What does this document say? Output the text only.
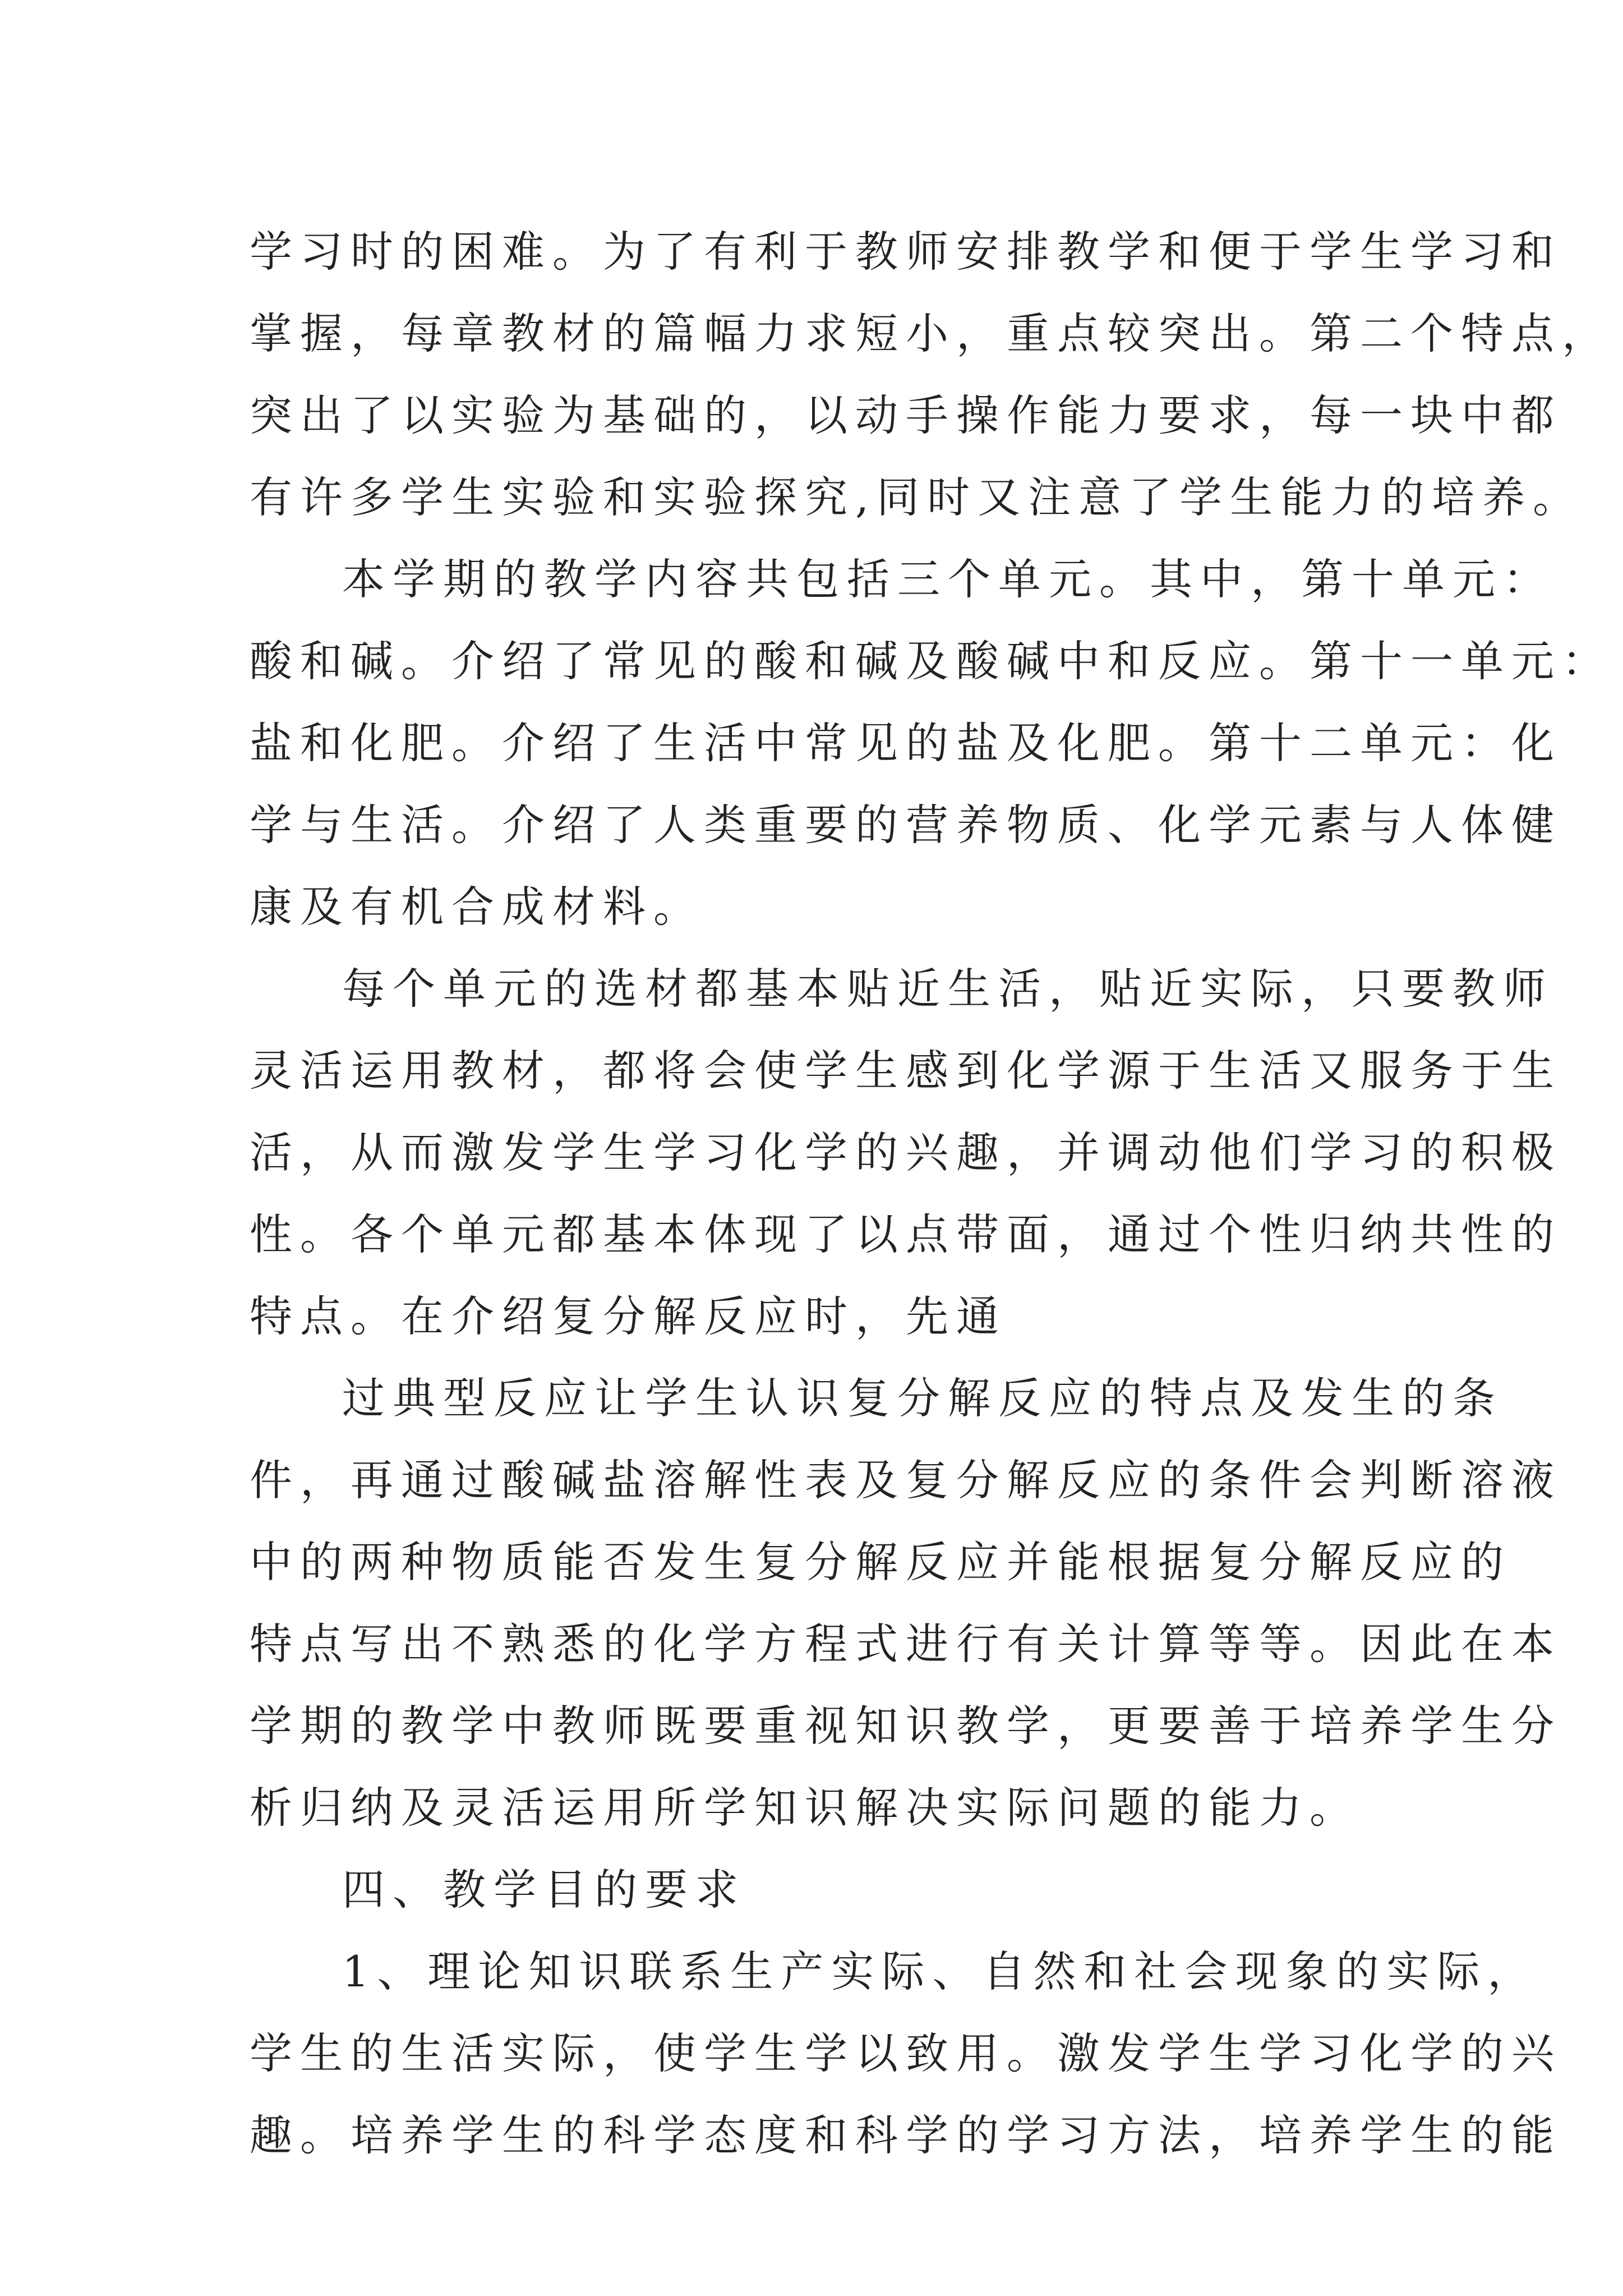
学习时的困难。为了有利于教师安排教学和便于学生学习和
掌握，每章教材的篇幅力求短小，重点较突出。第二个特点，
突出了以实验为基础的，以动手操作能力要求，每一块中都
有许多学生实验和实验探究,同时又注意了学生能力的培养。
本学期的教学内容共包括三个单元。其中，第十单元：
酸和碱。介绍了常见的酸和碱及酸碱中和反应。第十一单元：
盐和化肥。介绍了生活中常见的盐及化肥。第十二单元：化
学与生活。介绍了人类重要的营养物质、化学元素与人体健
康及有机合成材料。
每个单元的选材都基本贴近生活，贴近实际，只要教师
灵活运用教材，都将会使学生感到化学源于生活又服务于生
活，从而激发学生学习化学的兴趣，并调动他们学习的积极
性。各个单元都基本体现了以点带面，通过个性归纳共性的
特点。在介绍复分解反应时，先通
过典型反应让学生认识复分解反应的特点及发生的条
件，再通过酸碱盐溶解性表及复分解反应的条件会判断溶液
中的两种物质能否发生复分解反应并能根据复分解反应的
特点写出不熟悉的化学方程式进行有关计算等等。因此在本
学期的教学中教师既要重视知识教学，更要善于培养学生分
析归纳及灵活运用所学知识解决实际问题的能力。
四、教学目的要求
1、理论知识联系生产实际、自然和社会现象的实际，
学生的生活实际，使学生学以致用。激发学生学习化学的兴
趣。培养学生的科学态度和科学的学习方法，培养学生的能
